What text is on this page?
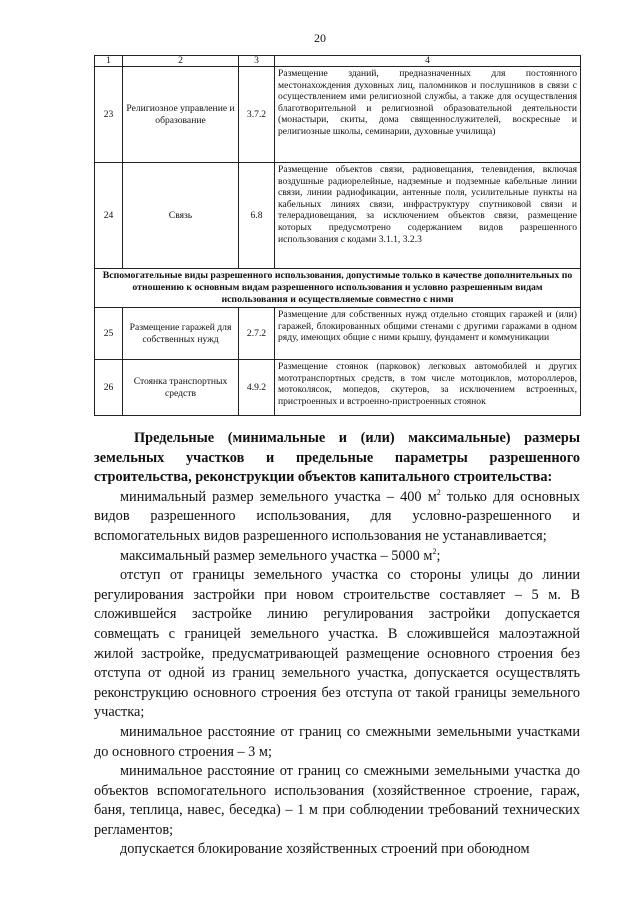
20
1	2	3	4
23	Религиозное управление и образование	3.7.2	Размещение зданий, предназначенных для постоянного местонахождения духовных лиц, паломников и послушников в связи с осуществлением ими религиозной службы, а также для осуществления благотворительной и религиозной образовательной деятельности (монастыри, скиты, дома священнослужителей, воскресные и религиозные школы, семинарии, духовные училища)
24	Связь	6.8	Размещение объектов связи, радиовещания, телевидения, включая воздушные радиорелейные, надземные и подземные кабельные линии связи, линии радиофикации, антенные поля, усилительные пункты на кабельных линиях связи, инфраструктуру спутниковой связи и телерадиовещания, за исключением объектов связи, размещение которых предусмотрено содержанием видов разрешенного использования с кодами 3.1.1, 3.2.3
Вспомогательные виды разрешенного использования, допустимые только в качестве дополнительных по отношению к основным видам разрешенного использования и условно разрешенным видам использования и осуществляемые совместно с ними			
25	Размещение гаражей для собственных нужд	2.7.2	Размещение для собственных нужд отдельно стоящих гаражей и (или) гаражей, блокированных общими стенами с другими гаражами в одном ряду, имеющих общие с ними крышу, фундамент и коммуникации
26	Стоянка транспортных средств	4.9.2	Размещение стоянок (парковок) легковых автомобилей и других мототранспортных средств, в том числе мотоциклов, мотороллеров, мотоколясок, мопедов, скутеров, за исключением встроенных, пристроенных и встроенно-пристроенных стоянок

Предельные (минимальные и (или) максимальные) размеры земельных участков и предельные параметры разрешенного строительства, реконструкции объектов капитального строительства:

минимальный размер земельного участка – 400 $м^2$ только для основных видов разрешенного использования, для условно-разрешенного и вспомогательных видов разрешенного использования не устанавливается;

максимальный размер земельного участка – 5000 $м^2$;

отступ от границы земельного участка со стороны улицы до линии регулирования застройки при новом строительстве составляет – 5 м. В сложившейся застройке линию регулирования застройки допускается совмещать с границей земельного участка. В сложившейся малоэтажной жилой застройке, предусматривающей размещение основного строения без отступа от одной из границ земельного участка, допускается осуществлять реконструкцию основного строения без отступа от такой границы земельного участка;

минимальное расстояние от границ со смежными земельными участками до основного строения – 3 м;

минимальное расстояние от границ со смежными земельными участка до объектов вспомогательного использования (хозяйственное строение, гараж, баня, теплица, навес, беседка) – 1 м при соблюдении требований технических регламентов;

допускается блокирование хозяйственных строений при обоюдном
